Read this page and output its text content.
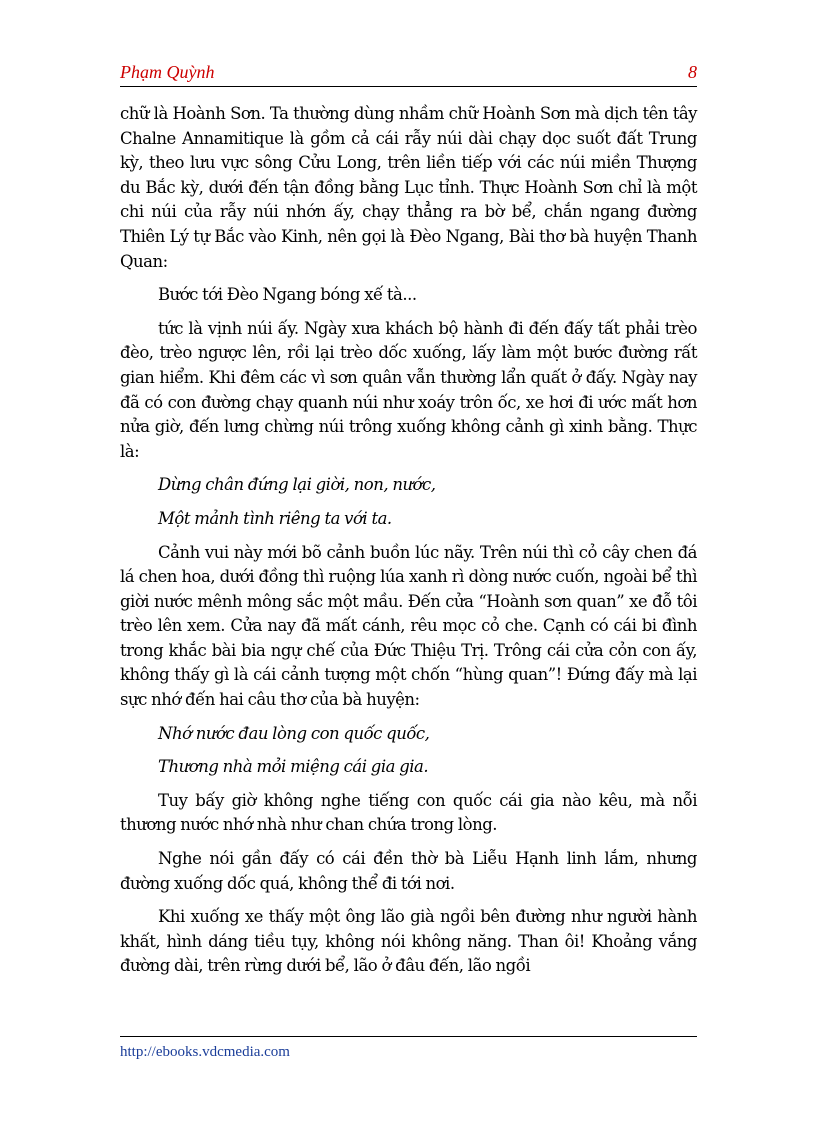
Phạm Quỳnh	8

chữ là Hoành Sơn. Ta thường dùng nhầm chữ Hoành Sơn mà dịch tên tây Chalne Annamitique là gồm cả cái rẫy núi dài chạy dọc suốt đất Trung kỳ, theo lưu vực sông Cửu Long, trên liền tiếp với các núi miền Thượng du Bắc kỳ, dưới đến tận đồng bằng Lục tỉnh. Thực Hoành Sơn chỉ là một chi núi của rẫy núi nhớn ấy, chạy thẳng ra bờ bể, chắn ngang đường Thiên Lý tự Bắc vào Kinh, nên gọi là Đèo Ngang, Bài thơ bà huyện Thanh Quan:

Bước tới Đèo Ngang bóng xế tà...

tức là vịnh núi ấy. Ngày xưa khách bộ hành đi đến đấy tất phải trèo đèo, trèo ngược lên, rồi lại trèo dốc xuống, lấy làm một bước đường rất gian hiểm. Khi đêm các vì sơn quân vẫn thường lẩn quất ở đấy. Ngày nay đã có con đường chạy quanh núi như xoáy trôn ốc, xe hơi đi ước mất hơn nửa giờ, đến lưng chừng núi trông xuống không cảnh gì xinh bằng. Thực là:

Dừng chân đứng lại giời, non, nước,

Một mảnh tình riêng ta với ta.

Cảnh vui này mới bõ cảnh buồn lúc nãy. Trên núi thì cỏ cây chen đá lá chen hoa, dưới đồng thì ruộng lúa xanh rì dòng nước cuốn, ngoài bể thì giời nước mênh mông sắc một mầu. Đến cửa “Hoành sơn quan” xe đỗ tôi trèo lên xem. Cửa nay đã mất cánh, rêu mọc cỏ che. Cạnh có cái bi đình trong khắc bài bia ngự chế của Đức Thiệu Trị. Trông cái cửa cỏn con ấy, không thấy gì là cái cảnh tượng một chốn “hùng quan”! Đứng đấy mà lại sực nhớ đến hai câu thơ của bà huyện:

Nhớ nước đau lòng con quốc quốc,

Thương nhà mỏi miệng cái gia gia.

Tuy bấy giờ không nghe tiếng con quốc cái gia nào kêu, mà nỗi thương nước nhớ nhà như chan chứa trong lòng.

Nghe nói gần đấy có cái đền thờ bà Liễu Hạnh linh lắm, nhưng đường xuống dốc quá, không thể đi tới nơi.

Khi xuống xe thấy một ông lão già ngồi bên đường như người hành khất, hình dáng tiều tụy, không nói không năng. Than ôi! Khoảng vắng đường dài, trên rừng dưới bể, lão ở đâu đến, lão ngồi

http://ebooks.vdcmedia.com
